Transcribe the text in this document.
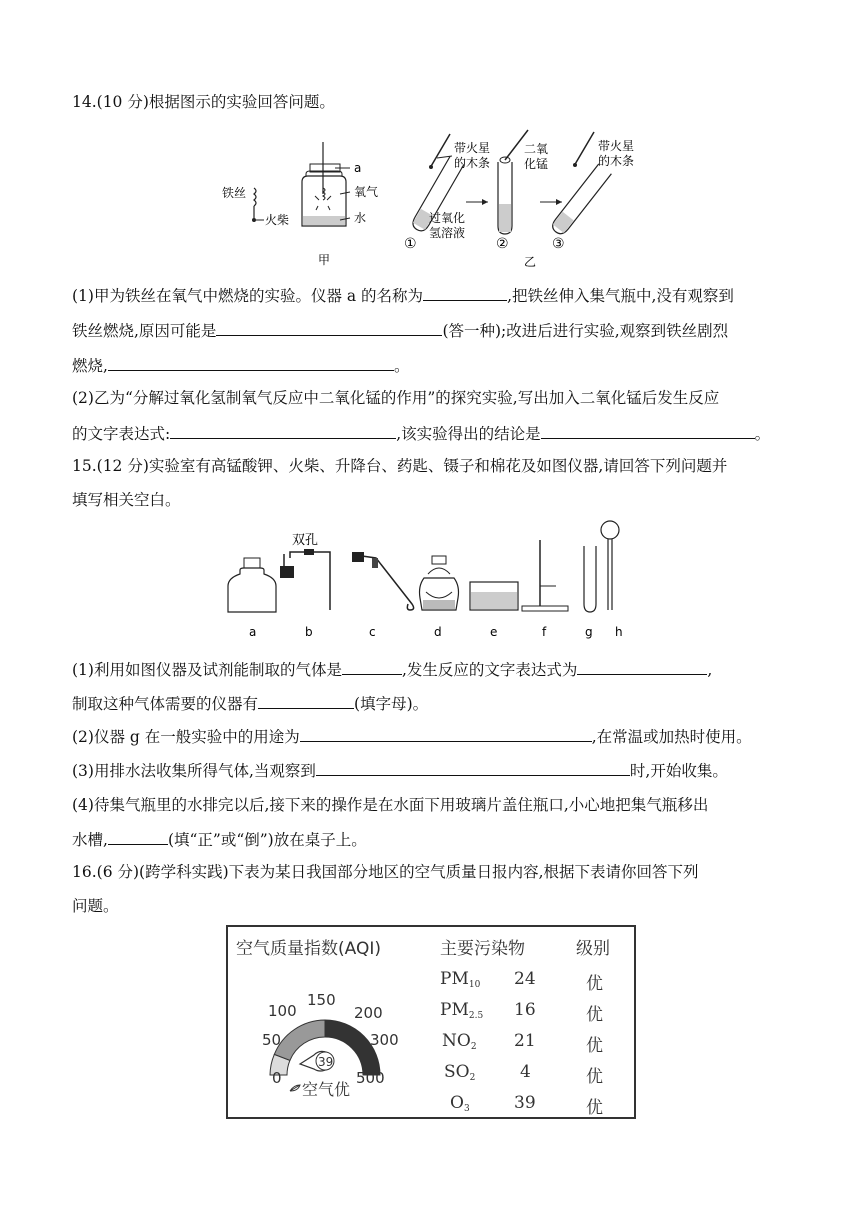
14.(10 分)根据图示的实验回答问题。
铁丝
火柴
a
氧气
水
甲
带火星
的木条
过氧化
氢溶液
①
二氧
化锰
②
带火星
的木条
③
乙
(1)甲为铁丝在氧气中燃烧的实验。仪器 a 的名称为	,把铁丝伸入集气瓶中,没有观察到
铁丝燃烧,原因可能是	(答一种);改进后进行实验,观察到铁丝剧烈
燃烧,	。
(2)乙为“分解过氧化氢制氧气反应中二氧化锰的作用”的探究实验,写出加入二氧化锰后发生反应
的文字表达式:	,该实验得出的结论是	。
15.(12 分)实验室有高锰酸钾、火柴、升降台、药匙、镊子和棉花及如图仪器,请回答下列问题并
填写相关空白。
双孔
a	b	c	d	e	f	g h
(1)利用如图仪器及试剂能制取的气体是	,发生反应的文字表达式为	,
制取这种气体需要的仪器有	(填字母)。
(2)仪器 g 在一般实验中的用途为	,在常温或加热时使用。
(3)用排水法收集所得气体,当观察到	时,开始收集。
(4)待集气瓶里的水排完以后,接下来的操作是在水面下用玻璃片盖住瓶口,小心地把集气瓶移出
水槽,	(填“正”或“倒”)放在桌子上。
16.(6 分)(跨学科实践)下表为某日我国部分地区的空气质量日报内容,根据下表请你回答下列
问题。
空气质量指数(AQI)	主要污染物	级别
39
0
50
100
150
200
300
500
空气优
$PM_{10}$ 24	优
$PM_{2.5}$ 16	优
$NO_2$ 21	优
$SO_2$	4	优
$O_3$	39	优
